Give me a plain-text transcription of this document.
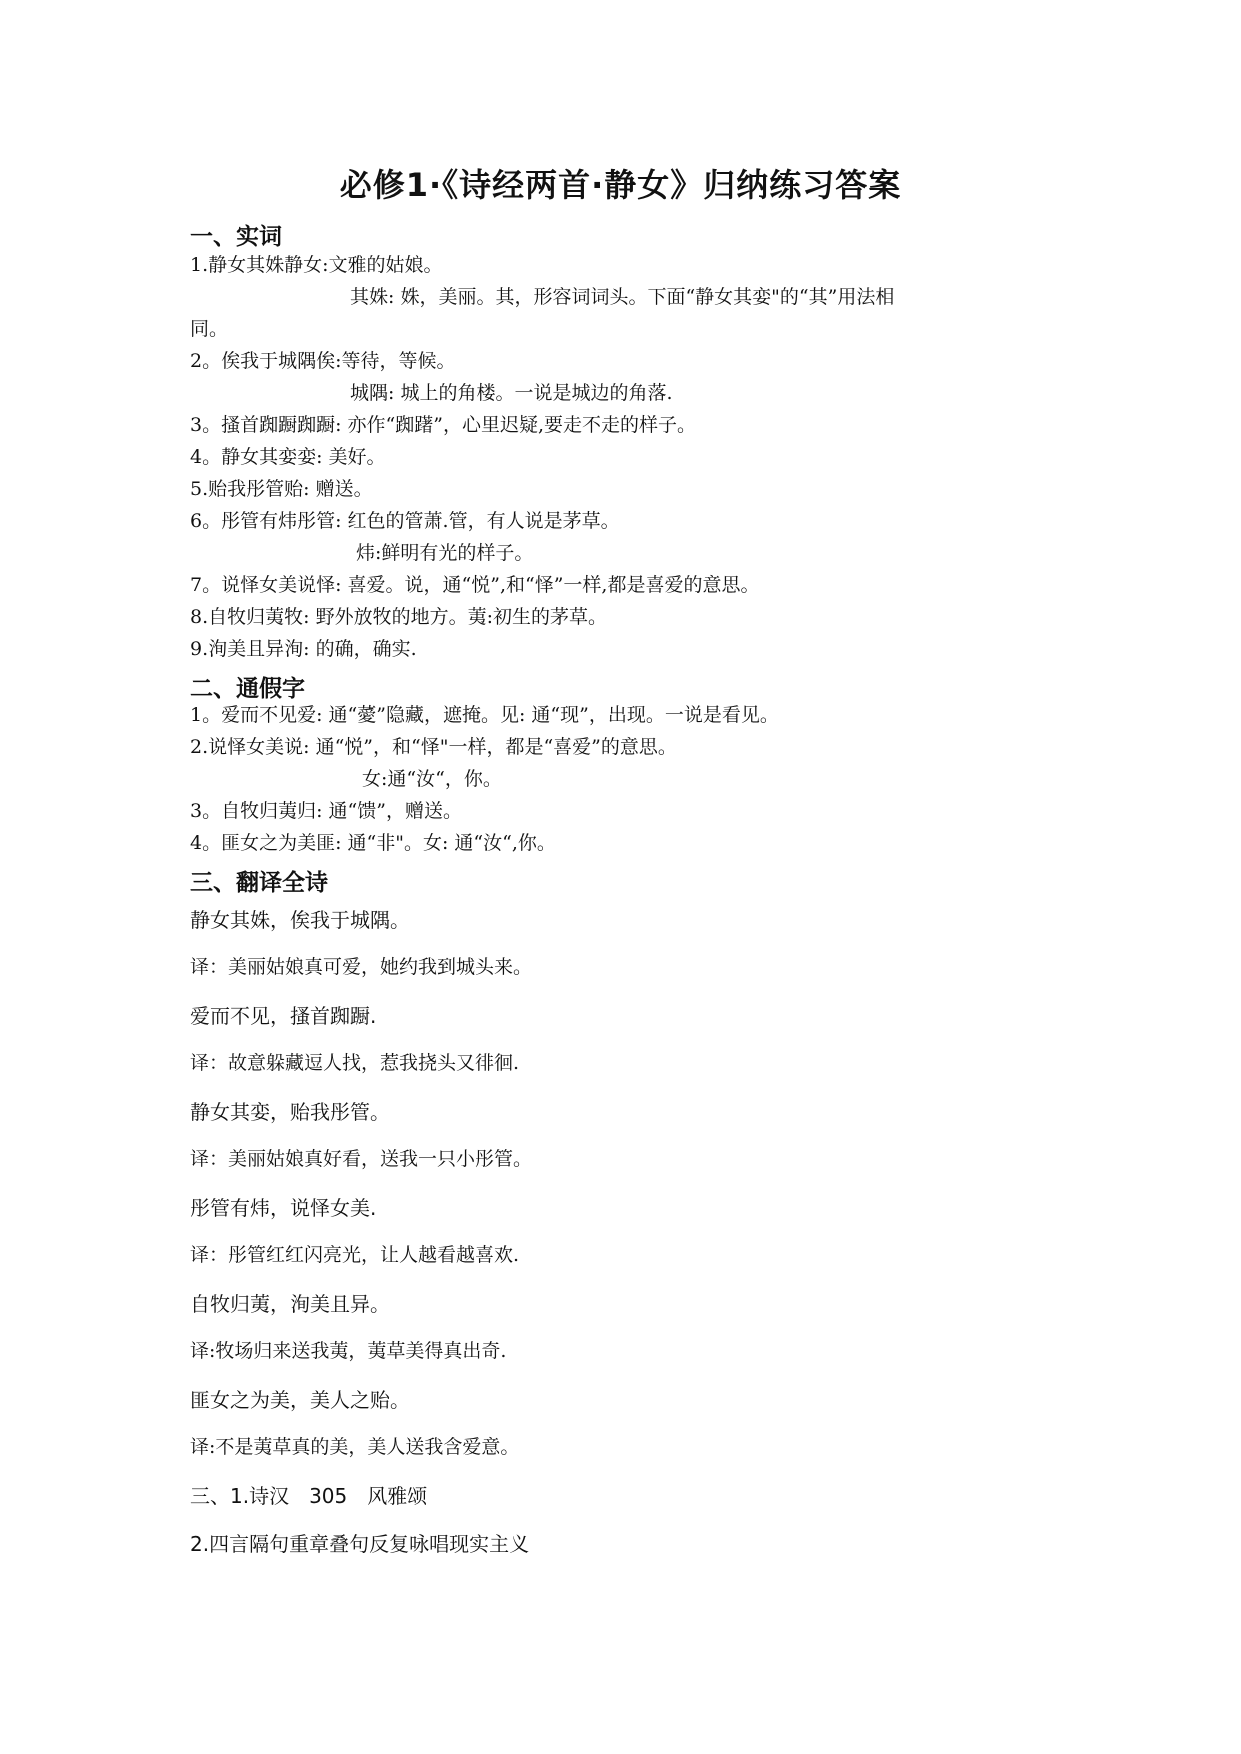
必修1·《诗经两首·静女》归纳练习答案
一、实词
1.静女其姝静女:文雅的姑娘。
其姝: 姝，美丽。其，形容词词头。下面“静女其娈"的“其”用法相
同。
2。俟我于城隅俟:等待，等候。
城隅: 城上的角楼。一说是城边的角落.
3。搔首踟蹰踟蹰: 亦作“踟躇”，心里迟疑,要走不走的样子。
4。静女其娈娈: 美好。
5.贻我彤管贻: 赠送。
6。彤管有炜彤管: 红色的管萧.管，有人说是茅草。
炜:鲜明有光的样子。
7。说怿女美说怿: 喜爱。说，通“悦”,和“怿”一样,都是喜爱的意思。
8.自牧归荑牧: 野外放牧的地方。荑:初生的茅草。
9.洵美且异洵: 的确，确实.
二、通假字
1。爱而不见爱: 通“薆”隐藏，遮掩。见: 通“现”，出现。一说是看见。
2.说怿女美说: 通“悦”，和“怿"一样，都是“喜爱”的意思。
女:通“汝“，你。
3。自牧归荑归: 通“馈”，赠送。
4。匪女之为美匪: 通“非"。女: 通“汝“,你。
三、翻译全诗
静女其姝，俟我于城隅。
译：美丽姑娘真可爱，她约我到城头来。
爱而不见，搔首踟蹰.
译：故意躲藏逗人找，惹我挠头又徘徊.
静女其娈，贻我彤管。
译：美丽姑娘真好看，送我一只小彤管。
彤管有炜，说怿女美.
译：彤管红红闪亮光，让人越看越喜欢.
自牧归荑，洵美且异。
译:牧场归来送我荑，荑草美得真出奇.
匪女之为美，美人之贻。
译:不是荑草真的美，美人送我含爱意。
三、1.诗汉　305　风雅颂
2.四言隔句重章叠句反复咏唱现实主义
